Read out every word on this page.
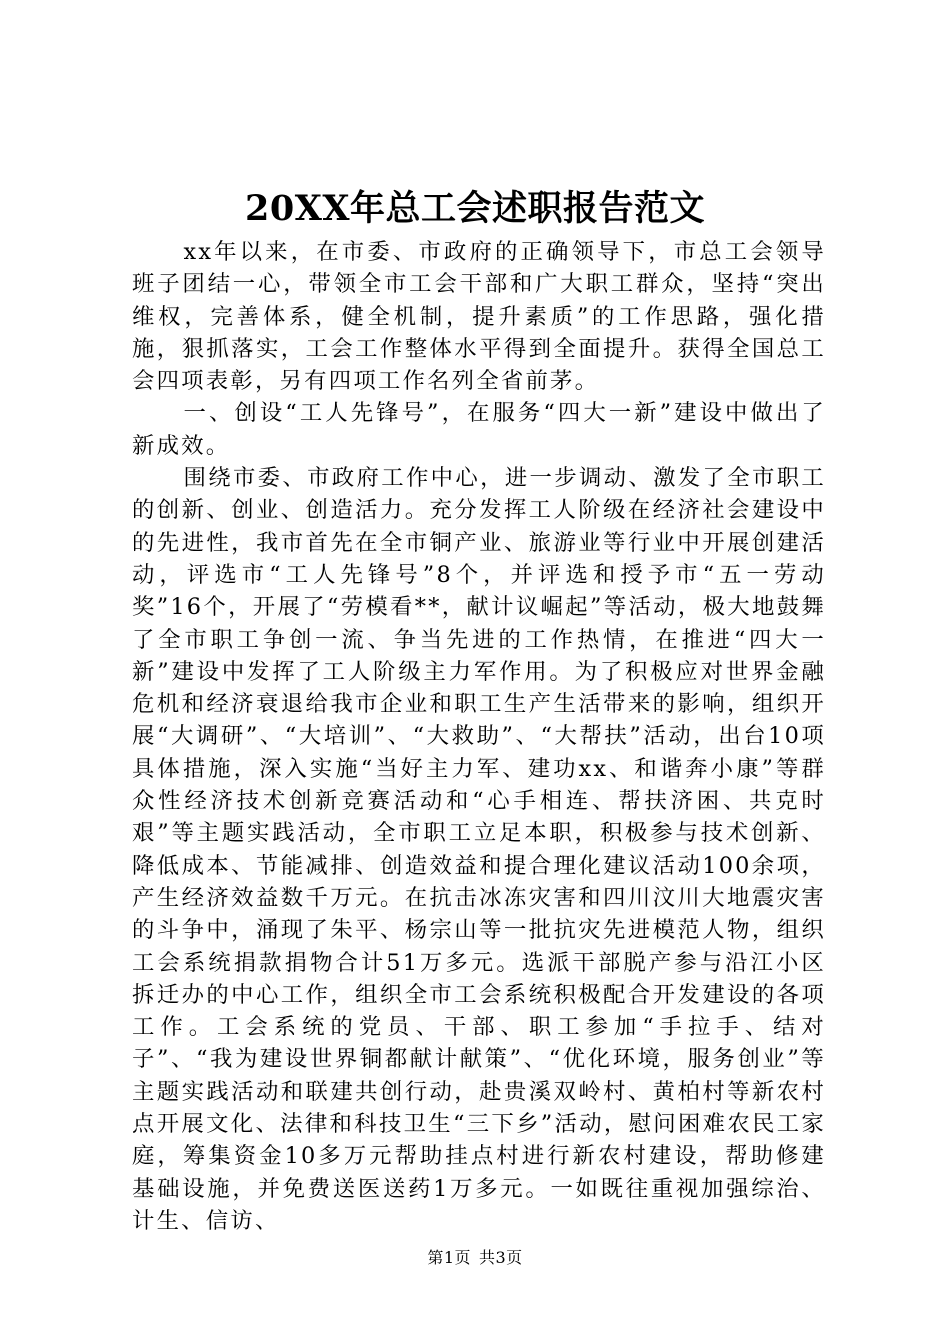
20XX年总工会述职报告范文

xx年以来，在市委、市政府的正确领导下，市总工会领导班子团结一心，带领全市工会干部和广大职工群众，坚持“突出维权，完善体系，健全机制，提升素质”的工作思路，强化措施，狠抓落实，工会工作整体水平得到全面提升。获得全国总工会四项表彰，另有四项工作名列全省前茅。

一、创设“工人先锋号”，在服务“四大一新”建设中做出了新成效。

围绕市委、市政府工作中心，进一步调动、激发了全市职工的创新、创业、创造活力。充分发挥工人阶级在经济社会建设中的先进性，我市首先在全市铜产业、旅游业等行业中开展创建活动，评选市“工人先锋号”8个，并评选和授予市“五一劳动奖”16个，开展了“劳模看**，献计议崛起”等活动，极大地鼓舞了全市职工争创一流、争当先进的工作热情，在推进“四大一新”建设中发挥了工人阶级主力军作用。为了积极应对世界金融危机和经济衰退给我市企业和职工生产生活带来的影响，组织开展“大调研”、“大培训”、“大救助”、“大帮扶”活动，出台10项具体措施，深入实施“当好主力军、建功xx、和谐奔小康”等群众性经济技术创新竞赛活动和“心手相连、帮扶济困、共克时艰”等主题实践活动，全市职工立足本职，积极参与技术创新、降低成本、节能减排、创造效益和提合理化建议活动100余项，产生经济效益数千万元。在抗击冰冻灾害和四川汶川大地震灾害的斗争中，涌现了朱平、杨宗山等一批抗灾先进模范人物，组织工会系统捐款捐物合计51万多元。选派干部脱产参与沿江小区拆迁办的中心工作，组织全市工会系统积极配合开发建设的各项工作。工会系统的党员、干部、职工参加“手拉手、结对子”、“我为建设世界铜都献计献策”、“优化环境，服务创业”等主题实践活动和联建共创行动，赴贵溪双岭村、黄柏村等新农村点开展文化、法律和科技卫生“三下乡”活动，慰问困难农民工家庭，筹集资金10多万元帮助挂点村进行新农村建设，帮助修建基础设施，并免费送医送药1万多元。一如既往重视加强综治、计生、信访、

第1页 共3页
